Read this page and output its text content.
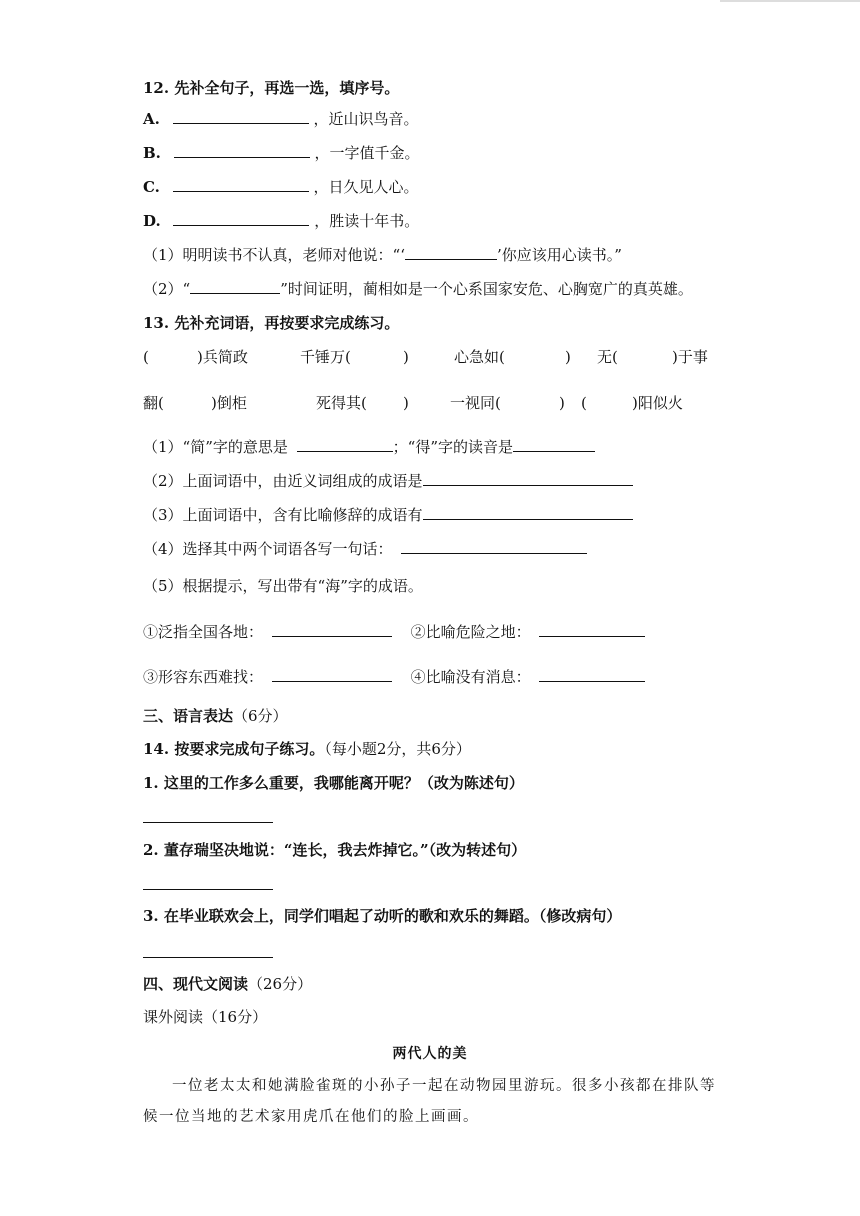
12. 先补全句子，再选一选，填序号。
A.	，近山识鸟音。
B.	，一字值千金。
C.	，日久见人心。
D.	，胜读十年书。
（1）明明读书不认真，老师对他说：“‘	’你应该用心读书。”
（2）“	”时间证明，蔺相如是一个心系国家安危、心胸宽广的真英雄。
13. 先补充词语，再按要求完成练习。
(	)兵简政	千锤万(	)	心急如(	) 无(	)于事
翻(	)倒柜	死得其( )	一视同(	) (	)阳似火
（1）“简”字的意思是	；“得”字的读音是
（2）上面词语中，由近义词组成的成语是
（3）上面词语中，含有比喻修辞的成语有
（4）选择其中两个词语各写一句话：
（5）根据提示，写出带有“海”字的成语。
①泛指全国各地：	②比喻危险之地：
③形容东西难找：	④比喻没有消息：
三、语言表达（6分）
14. 按要求完成句子练习。（每小题2分，共6分）
1. 这里的工作多么重要，我哪能离开呢？（改为陈述句）
2. 董存瑞坚决地说：“连长，我去炸掉它。”（改为转述句）
3. 在毕业联欢会上，同学们唱起了动听的歌和欢乐的舞蹈。（修改病句）
四、现代文阅读（26分）
课外阅读（16分）
两代人的美
一位老太太和她满脸雀斑的小孙子一起在动物园里游玩。很多小孩都在排队等候一位当地的艺术家用虎爪在他们的脸上画画。
